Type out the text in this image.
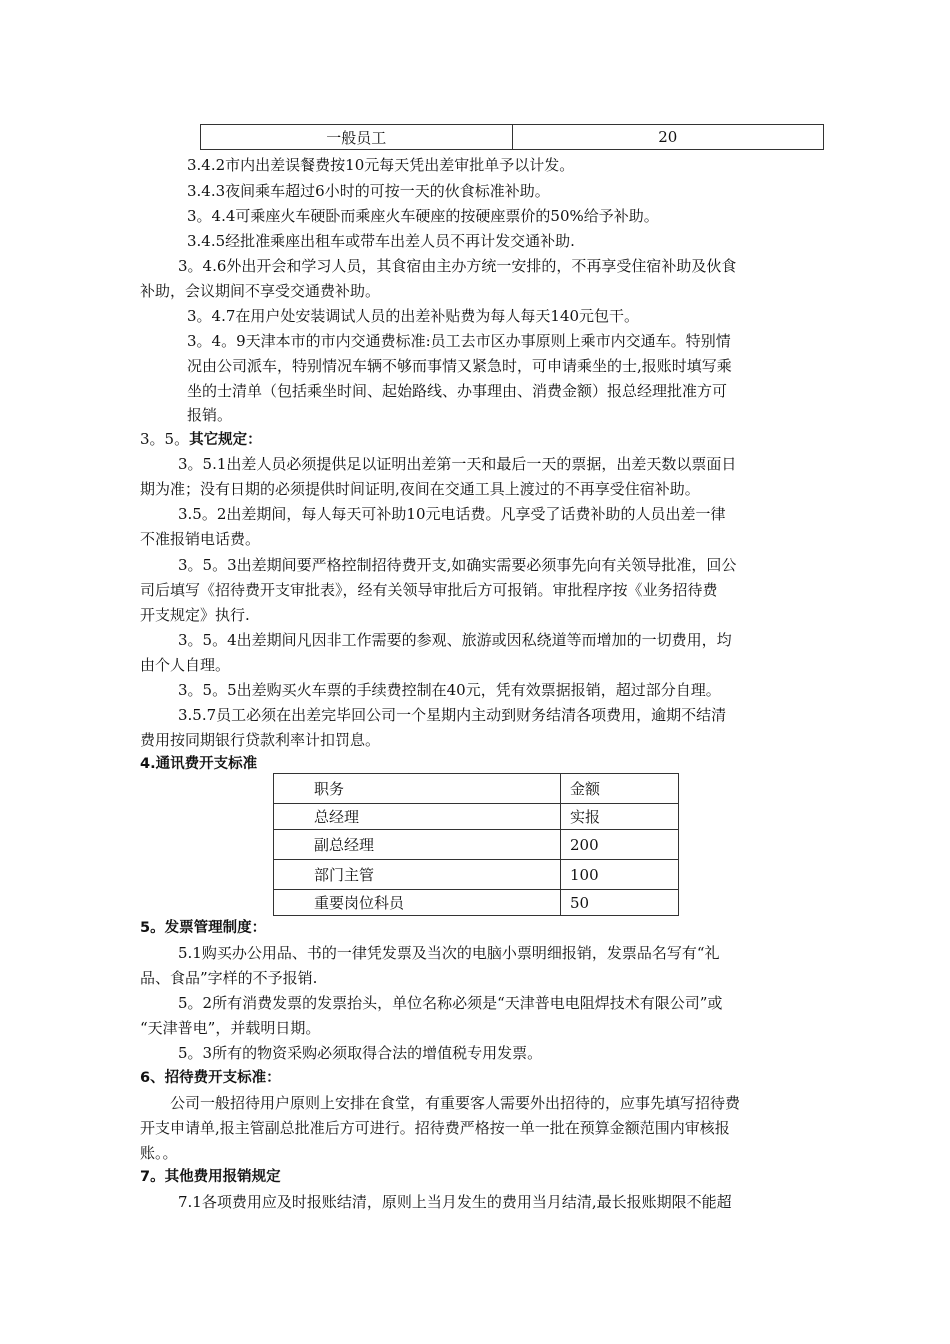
一般员工	20
3.4.2市内出差误餐费按10元每天凭出差审批单予以计发。
3.4.3夜间乘车超过6小时的可按一天的伙食标准补助。
3。4.4可乘座火车硬卧而乘座火车硬座的按硬座票价的50%给予补助。
3.4.5经批准乘座出租车或带车出差人员不再计发交通补助.
3。4.6外出开会和学习人员，其食宿由主办方统一安排的，不再享受住宿补助及伙食
补助，会议期间不享受交通费补助。
3。4.7在用户处安装调试人员的出差补贴费为每人每天140元包干。
3。4。9天津本市的市内交通费标准:员工去市区办事原则上乘市内交通车。特别情
况由公司派车，特别情况车辆不够而事情又紧急时，可申请乘坐的士,报账时填写乘
坐的士清单（包括乘坐时间、起始路线、办事理由、消费金额）报总经理批准方可
报销。
3。5。其它规定：
3。5.1出差人员必须提供足以证明出差第一天和最后一天的票据，出差天数以票面日
期为准；没有日期的必须提供时间证明,夜间在交通工具上渡过的不再享受住宿补助。
3.5。2出差期间，每人每天可补助10元电话费。凡享受了话费补助的人员出差一律
不准报销电话费。
3。5。3出差期间要严格控制招待费开支,如确实需要必须事先向有关领导批准，回公
司后填写《招待费开支审批表》，经有关领导审批后方可报销。审批程序按《业务招待费
开支规定》执行.
3。5。4出差期间凡因非工作需要的参观、旅游或因私绕道等而增加的一切费用，均
由个人自理。
3。5。5出差购买火车票的手续费控制在40元，凭有效票据报销，超过部分自理。
3.5.7员工必须在出差完毕回公司一个星期内主动到财务结清各项费用，逾期不结清
费用按同期银行贷款利率计扣罚息。
4.通讯费开支标准
职务	金额
总经理	实报
副总经理	200
部门主管	100
重要岗位科员	50
5。发票管理制度：
5.1购买办公用品、书的一律凭发票及当次的电脑小票明细报销，发票品名写有“礼
品、食品”字样的不予报销.
5。2所有消费发票的发票抬头，单位名称必须是“天津普电电阻焊技术有限公司”或
“天津普电”，并载明日期。
5。3所有的物资采购必须取得合法的增值税专用发票。
6、招待费开支标准：
公司一般招待用户原则上安排在食堂，有重要客人需要外出招待的，应事先填写招待费
开支申请单,报主管副总批准后方可进行。招待费严格按一单一批在预算金额范围内审核报
账。。
7。其他费用报销规定
7.1各项费用应及时报账结清，原则上当月发生的费用当月结清,最长报账期限不能超
